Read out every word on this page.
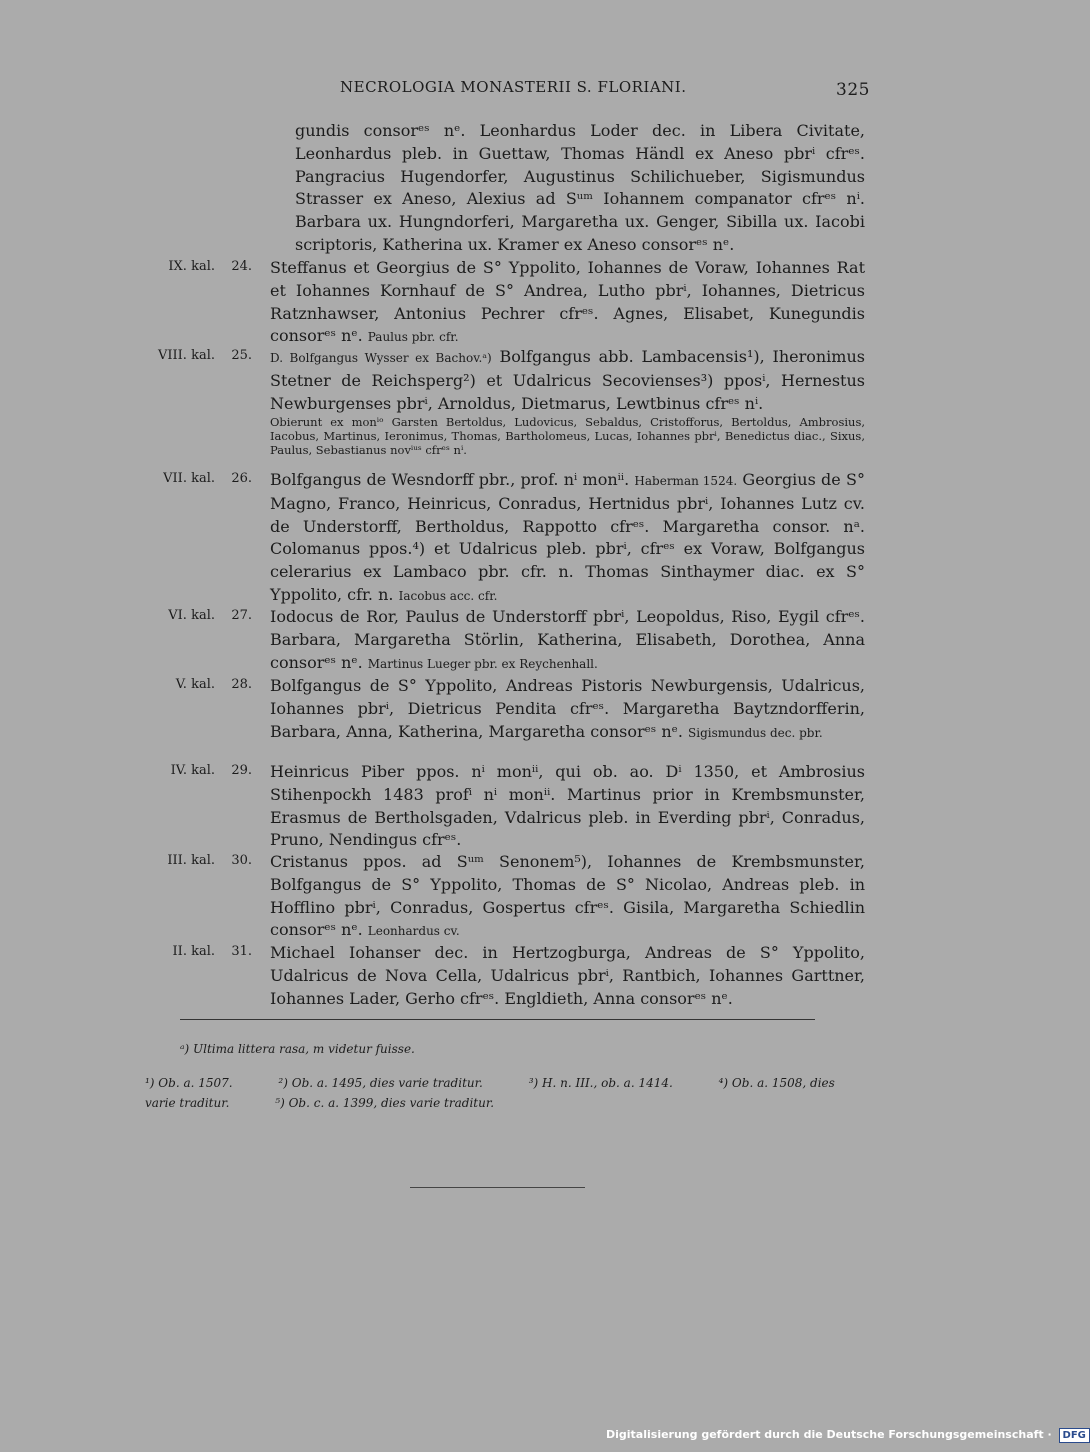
NECROLOGIA MONASTERII S. FLORIANI.	325
gundis consorᵉˢ nᵉ. Leonhardus Loder dec. in Libera Civitate, Leonhardus pleb. in Guettaw, Thomas Händl ex Aneso pbrⁱ cfrᵉˢ. Pangracius Hugendorfer, Augustinus Schilichueber, Sigismundus Strasser ex Aneso, Alexius ad Sᵘᵐ Iohannem companator cfrᵉˢ nⁱ. Barbara ux. Hungndorferi, Margaretha ux. Genger, Sibilla ux. Iacobi scriptoris, Katherina ux. Kramer ex Aneso consorᵉˢ nᵉ.
IX. kal.	24. Steffanus et Georgius de S° Yppolito, Iohannes de Voraw, Iohannes Rat et Iohannes Kornhauf de S° Andrea, Lutho pbrⁱ, Iohannes, Dietricus Ratznhawser, Antonius Pechrer cfrᵉˢ. Agnes, Elisabet, Kunegundis consorᵉˢ nᵉ. Paulus pbr. cfr.
VIII. kal.	25. D. Bolfgangus Wysser ex Bachov.ᵃ) Bolfgangus abb. Lambacensis¹), Iheronimus Stetner de Reichsperg²) et Udalricus Secovienses³) pposⁱ, Hernestus Newburgenses pbrⁱ, Arnoldus, Dietmarus, Lewtbinus cfrᵉˢ nⁱ.
Obierunt ex monⁱᵒ Garsten Bertoldus, Ludovicus, Sebaldus, Cristofforus, Bertoldus, Ambrosius, Iacobus, Martinus, Ieronimus, Thomas, Bartholomeus, Lucas, Iohannes pbrⁱ, Benedictus diac., Sixus, Paulus, Sebastianus novⁱᵘˢ cfrᵉˢ nⁱ.
VII. kal.	26. Bolfgangus de Wesndorff pbr., prof. nⁱ monⁱⁱ. Haberman 1524. Georgius de S° Magno, Franco, Heinricus, Conradus, Hertnidus pbrⁱ, Iohannes Lutz cv. de Understorff, Bertholdus, Rappotto cfrᵉˢ. Margaretha consor. nᵃ. Colomanus ppos.⁴) et Udalricus pleb. pbrⁱ, cfrᵉˢ ex Voraw, Bolfgangus celerarius ex Lambaco pbr. cfr. n. Thomas Sinthaymer diac. ex S° Yppolito, cfr. n. Iacobus acc. cfr.
VI. kal.	27. Iodocus de Ror, Paulus de Understorff pbrⁱ, Leopoldus, Riso, Eygil cfrᵉˢ. Barbara, Margaretha Störlin, Katherina, Elisabeth, Dorothea, Anna consorᵉˢ nᵉ. Martinus Lueger pbr. ex Reychenhall.
V. kal.	28. Bolfgangus de S° Yppolito, Andreas Pistoris Newburgensis, Udalricus, Iohannes pbrⁱ, Dietricus Pendita cfrᵉˢ. Margaretha Baytzndorfferin, Barbara, Anna, Katherina, Margaretha consorᵉˢ nᵉ. Sigismundus dec. pbr.
IV. kal.	29. Heinricus Piber ppos. nⁱ monⁱⁱ, qui ob. ao. Dⁱ 1350, et Ambrosius Stihenpockh 1483 profⁱ nⁱ monⁱⁱ. Martinus prior in Krembsmunster, Erasmus de Bertholsgaden, Vdalricus pleb. in Everding pbrⁱ, Conradus, Pruno, Nendingus cfrᵉˢ.
III. kal.	30. Cristanus ppos. ad Sᵘᵐ Senonem⁵), Iohannes de Krembsmunster, Bolfgangus de S° Yppolito, Thomas de S° Nicolao, Andreas pleb. in Hofflino pbrⁱ, Conradus, Gospertus cfrᵉˢ. Gisila, Margaretha Schiedlin consorᵉˢ nᵉ. Leonhardus cv.
II. kal.	31. Michael Iohanser dec. in Hertzogburga, Andreas de S° Yppolito, Udalricus de Nova Cella, Udalricus pbrⁱ, Rantbich, Iohannes Garttner, Iohannes Lader, Gerho cfrᵉˢ. Engldieth, Anna consorᵉˢ nᵉ.
ᵃ) Ultima littera rasa, m videtur fuisse.
¹) Ob. a. 1507.	²) Ob. a. 1495, dies varie traditur.	³) H. n. III., ob. a. 1414.	⁴) Ob. a. 1508, dies varie traditur.	⁵) Ob. c. a. 1399, dies varie traditur.
Digitalisierung gefördert durch die Deutsche Forschungsgemeinschaft · DFG
